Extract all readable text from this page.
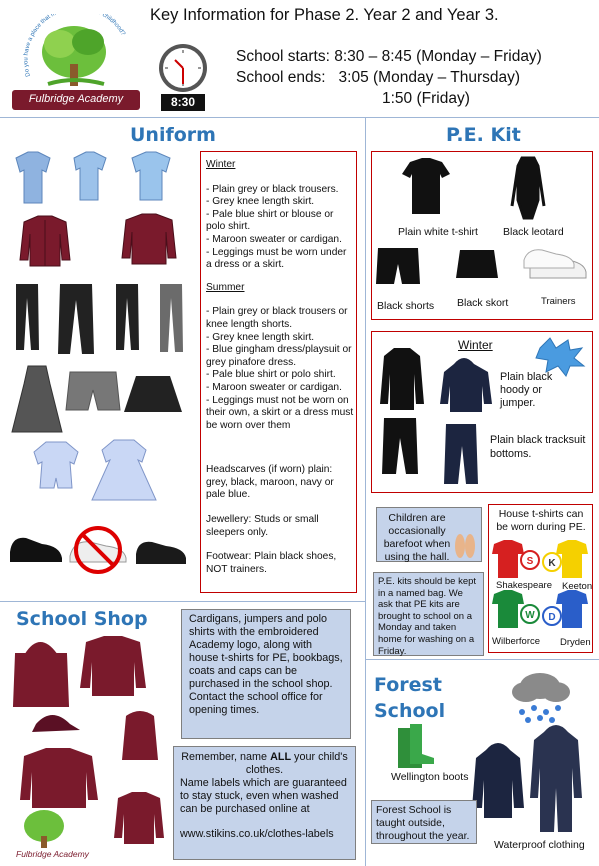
Key Information for Phase 2. Year 2 and Year 3.
Do you have a place that m childhood?
Fulbridge Academy	8:30
School starts: 8:30 – 8:45 (Monday – Friday)
School ends:   3:05 (Monday – Thursday)
1:50 (Friday)
Uniform
Winter
- Plain grey or black trousers.
- Grey knee length skirt.
- Pale blue shirt or blouse or polo shirt.
- Maroon sweater or cardigan.
- Leggings must be worn under a dress or a skirt.
Summer
- Plain grey or black trousers or knee length shorts.
- Grey knee length skirt.
- Blue gingham dress/playsuit or grey pinafore dress.
- Pale blue shirt or polo shirt.
- Maroon sweater or cardigan.
- Leggings must not be worn on their own, a skirt or a dress must be worn over them
Headscarves (if worn) plain: grey, black, maroon, navy or pale blue.
Jewellery: Studs or small sleepers only.
Footwear: Plain black shoes, NOT trainers.
P.E. Kit
Plain white t-shirt Black leotard
Black shorts Black skort	Trainers
Winter
Plain black hoody or jumper.
Plain black tracksuit bottoms.
Children are occasionally barefoot when using the hall.
P.E. kits should be kept in a named bag. We ask that PE kits are brought to school on a Monday and taken home for washing on a Friday.
House t-shirts can be worn during PE.
S K
W D
Shakespeare Keeton
Wilberforce Dryden
School Shop
Fulbridge Academy
Cardigans, jumpers and polo shirts with the embroidered Academy logo, along with house t-shirts for PE, bookbags, coats and caps can be purchased in the school shop.
Contact the school office for opening times.
Remember, name ALL your child's clothes.
Name labels which are guaranteed to stay stuck, even when washed can be purchased online at
www.stikins.co.uk/clothes-labels
Forest
School
Wellington boots
Forest School is taught outside, throughout the year.
Waterproof clothing
